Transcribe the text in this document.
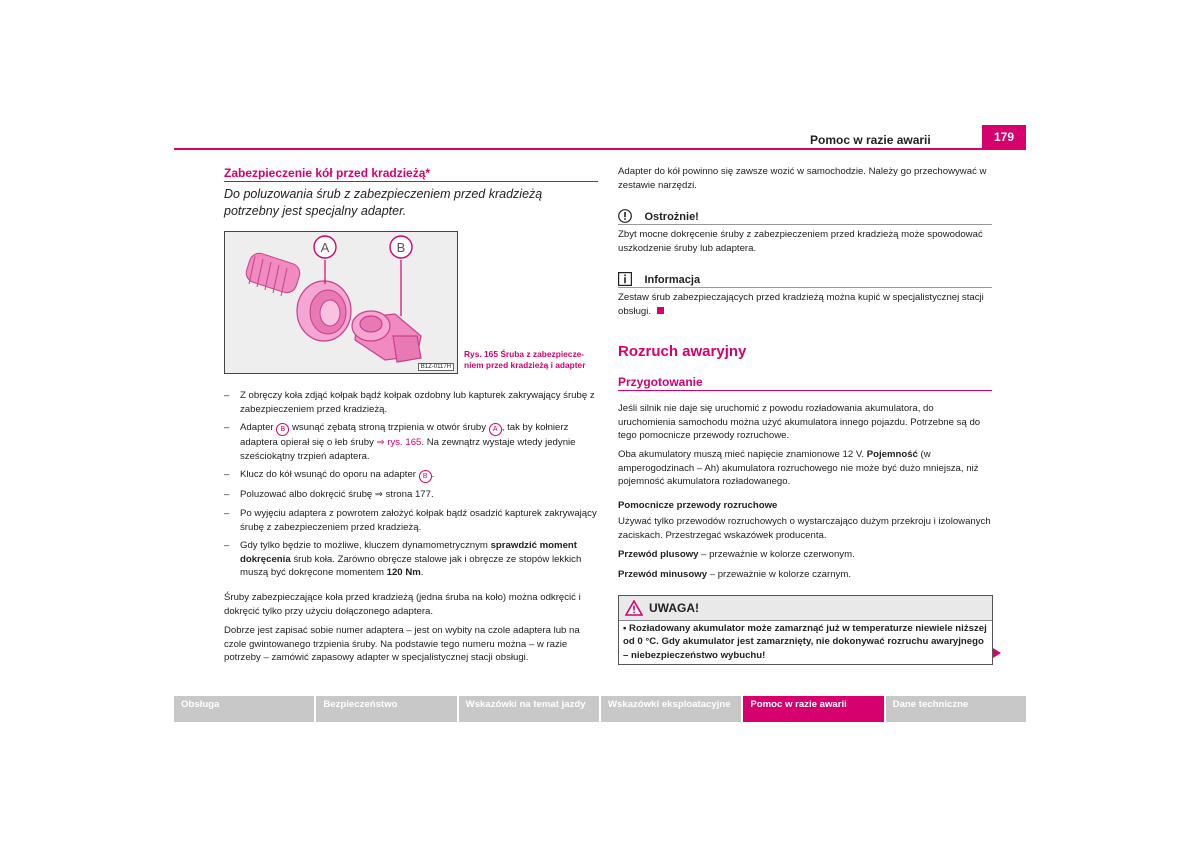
Pomoc w razie awarii	179
Zabezpieczenie kół przed kradzieżą*
Do poluzowania śrub z zabezpieczeniem przed kradzieżą potrzebny jest specjalny adapter.
A	B
B1Z-0117H
Rys. 165 Śruba z zabezpiecze- niem przed kradzieżą i adapter
– Z obręczy koła zdjąć kołpak bądź kołpak ozdobny lub kapturek zakrywający śrubę z zabezpieczeniem przed kradzieżą.
– Adapter B wsunąć zębatą stroną trzpienia w otwór śruby A , tak by kołnierz adaptera opierał się o łeb śruby ⇒ rys. 165. Na zewnątrz wystaje wtedy jedynie sześciokątny trzpień adaptera.
– Klucz do kół wsunąć do oporu na adapter B .
– Poluzować albo dokręcić śrubę ⇒ strona 177.
– Po wyjęciu adaptera z powrotem założyć kołpak bądź osadzić kapturek zakrywający śrubę z zabezpieczeniem przed kradzieżą.
– Gdy tylko będzie to możliwe, kluczem dynamometrycznym sprawdzić moment dokręcenia śrub koła. Zarówno obręcze stalowe jak i obręcze ze stopów lekkich muszą być dokręcone momentem 120 Nm.
Śruby zabezpieczające koła przed kradzieżą (jedna śruba na koło) można odkręcić i dokręcić tylko przy użyciu dołączonego adaptera.
Dobrze jest zapisać sobie numer adaptera – jest on wybity na czole adaptera lub na czole gwintowanego trzpienia śruby. Na podstawie tego numeru można – w razie potrzeby – zamówić zapasowy adapter w specjalistycznej stacji obsługi.
Adapter do kół powinno się zawsze wozić w samochodzie. Należy go przechowywać w zestawie narzędzi.
Ostrożnie!
Zbyt mocne dokręcenie śruby z zabezpieczeniem przed kradzieżą może spowodować uszkodzenie śruby lub adaptera.
Informacja
Zestaw śrub zabezpieczających przed kradzieżą można kupić w specjalistycznej stacji obsługi.
Rozruch awaryjny
Przygotowanie
Jeśli silnik nie daje się uruchomić z powodu rozładowania akumulatora, do uruchomienia samochodu można użyć akumulatora innego pojazdu. Potrzebne są do tego pomocnicze przewody rozruchowe.
Oba akumulatory muszą mieć napięcie znamionowe 12 V. Pojemność (w amperogodzinach – Ah) akumulatora rozruchowego nie może być dużo mniejsza, niż pojemność akumulatora rozładowanego.
Pomocnicze przewody rozruchowe
Używać tylko przewodów rozruchowych o wystarczająco dużym przekroju i izolowanych zaciskach. Przestrzegać wskazówek producenta.
Przewód plusowy – przeważnie w kolorze czerwonym.
Przewód minusowy – przeważnie w kolorze czarnym.
UWAGA!
• Rozładowany akumulator może zamarznąć już w temperaturze niewiele niższej od 0 °C. Gdy akumulator jest zamarznięty, nie dokonywać rozruchu awaryjnego – niebezpieczeństwo wybuchu!
Obsługa	Bezpieczeństwo	Wskazówki na temat jazdy	Wskazówki eksploatacyjne	Pomoc w razie awarii	Dane techniczne
